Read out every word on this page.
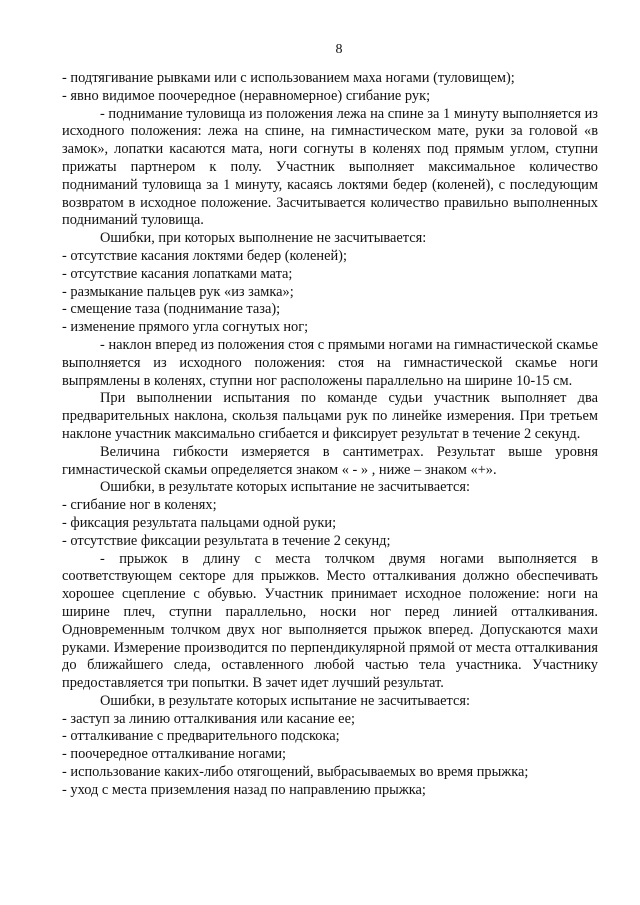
8
- подтягивание рывками или с использованием маха ногами (туловищем);
- явно видимое поочередное (неравномерное) сгибание рук;
- поднимание туловища из положения лежа на спине за 1 минуту выполняется из исходного положения: лежа на спине, на гимнастическом мате, руки за головой «в замок», лопатки касаются мата, ноги согнуты в коленях под прямым углом, ступни прижаты партнером к полу. Участник выполняет максимальное количество подниманий туловища за 1 минуту, касаясь локтями бедер (коленей), с последующим возвратом в исходное положение. Засчитывается количество правильно выполненных подниманий туловища.
Ошибки, при которых выполнение не засчитывается:
- отсутствие касания локтями бедер (коленей);
- отсутствие касания лопатками мата;
- размыкание пальцев рук «из замка»;
- смещение таза (поднимание таза);
- изменение прямого угла согнутых ног;
- наклон вперед из положения стоя с прямыми ногами на гимнастической скамье выполняется из исходного положения: стоя на гимнастической скамье ноги выпрямлены в коленях, ступни ног расположены параллельно на ширине 10-15 см.
При выполнении испытания по команде судьи участник выполняет два предварительных наклона, скользя пальцами рук по линейке измерения. При третьем наклоне участник максимально сгибается и фиксирует результат в течение 2 секунд.
Величина гибкости измеряется в сантиметрах. Результат выше уровня гимнастической скамьи определяется знаком « - » , ниже – знаком «+».
Ошибки, в результате которых испытание не засчитывается:
- сгибание ног в коленях;
- фиксация результата пальцами одной руки;
- отсутствие фиксации результата в течение 2 секунд;
- прыжок в длину с места толчком двумя ногами выполняется в соответствующем секторе для прыжков. Место отталкивания должно обеспечивать хорошее сцепление с обувью. Участник принимает исходное положение: ноги на ширине плеч, ступни параллельно, носки ног перед линией отталкивания. Одновременным толчком двух ног выполняется прыжок вперед. Допускаются махи руками. Измерение производится по перпендикулярной прямой от места отталкивания до ближайшего следа, оставленного любой частью тела участника. Участнику предоставляется три попытки. В зачет идет лучший результат.
Ошибки, в результате которых испытание не засчитывается:
- заступ за линию отталкивания или касание ее;
- отталкивание с предварительного подскока;
- поочередное отталкивание ногами;
- использование каких-либо отягощений, выбрасываемых во время прыжка;
- уход с места приземления назад по направлению прыжка;
